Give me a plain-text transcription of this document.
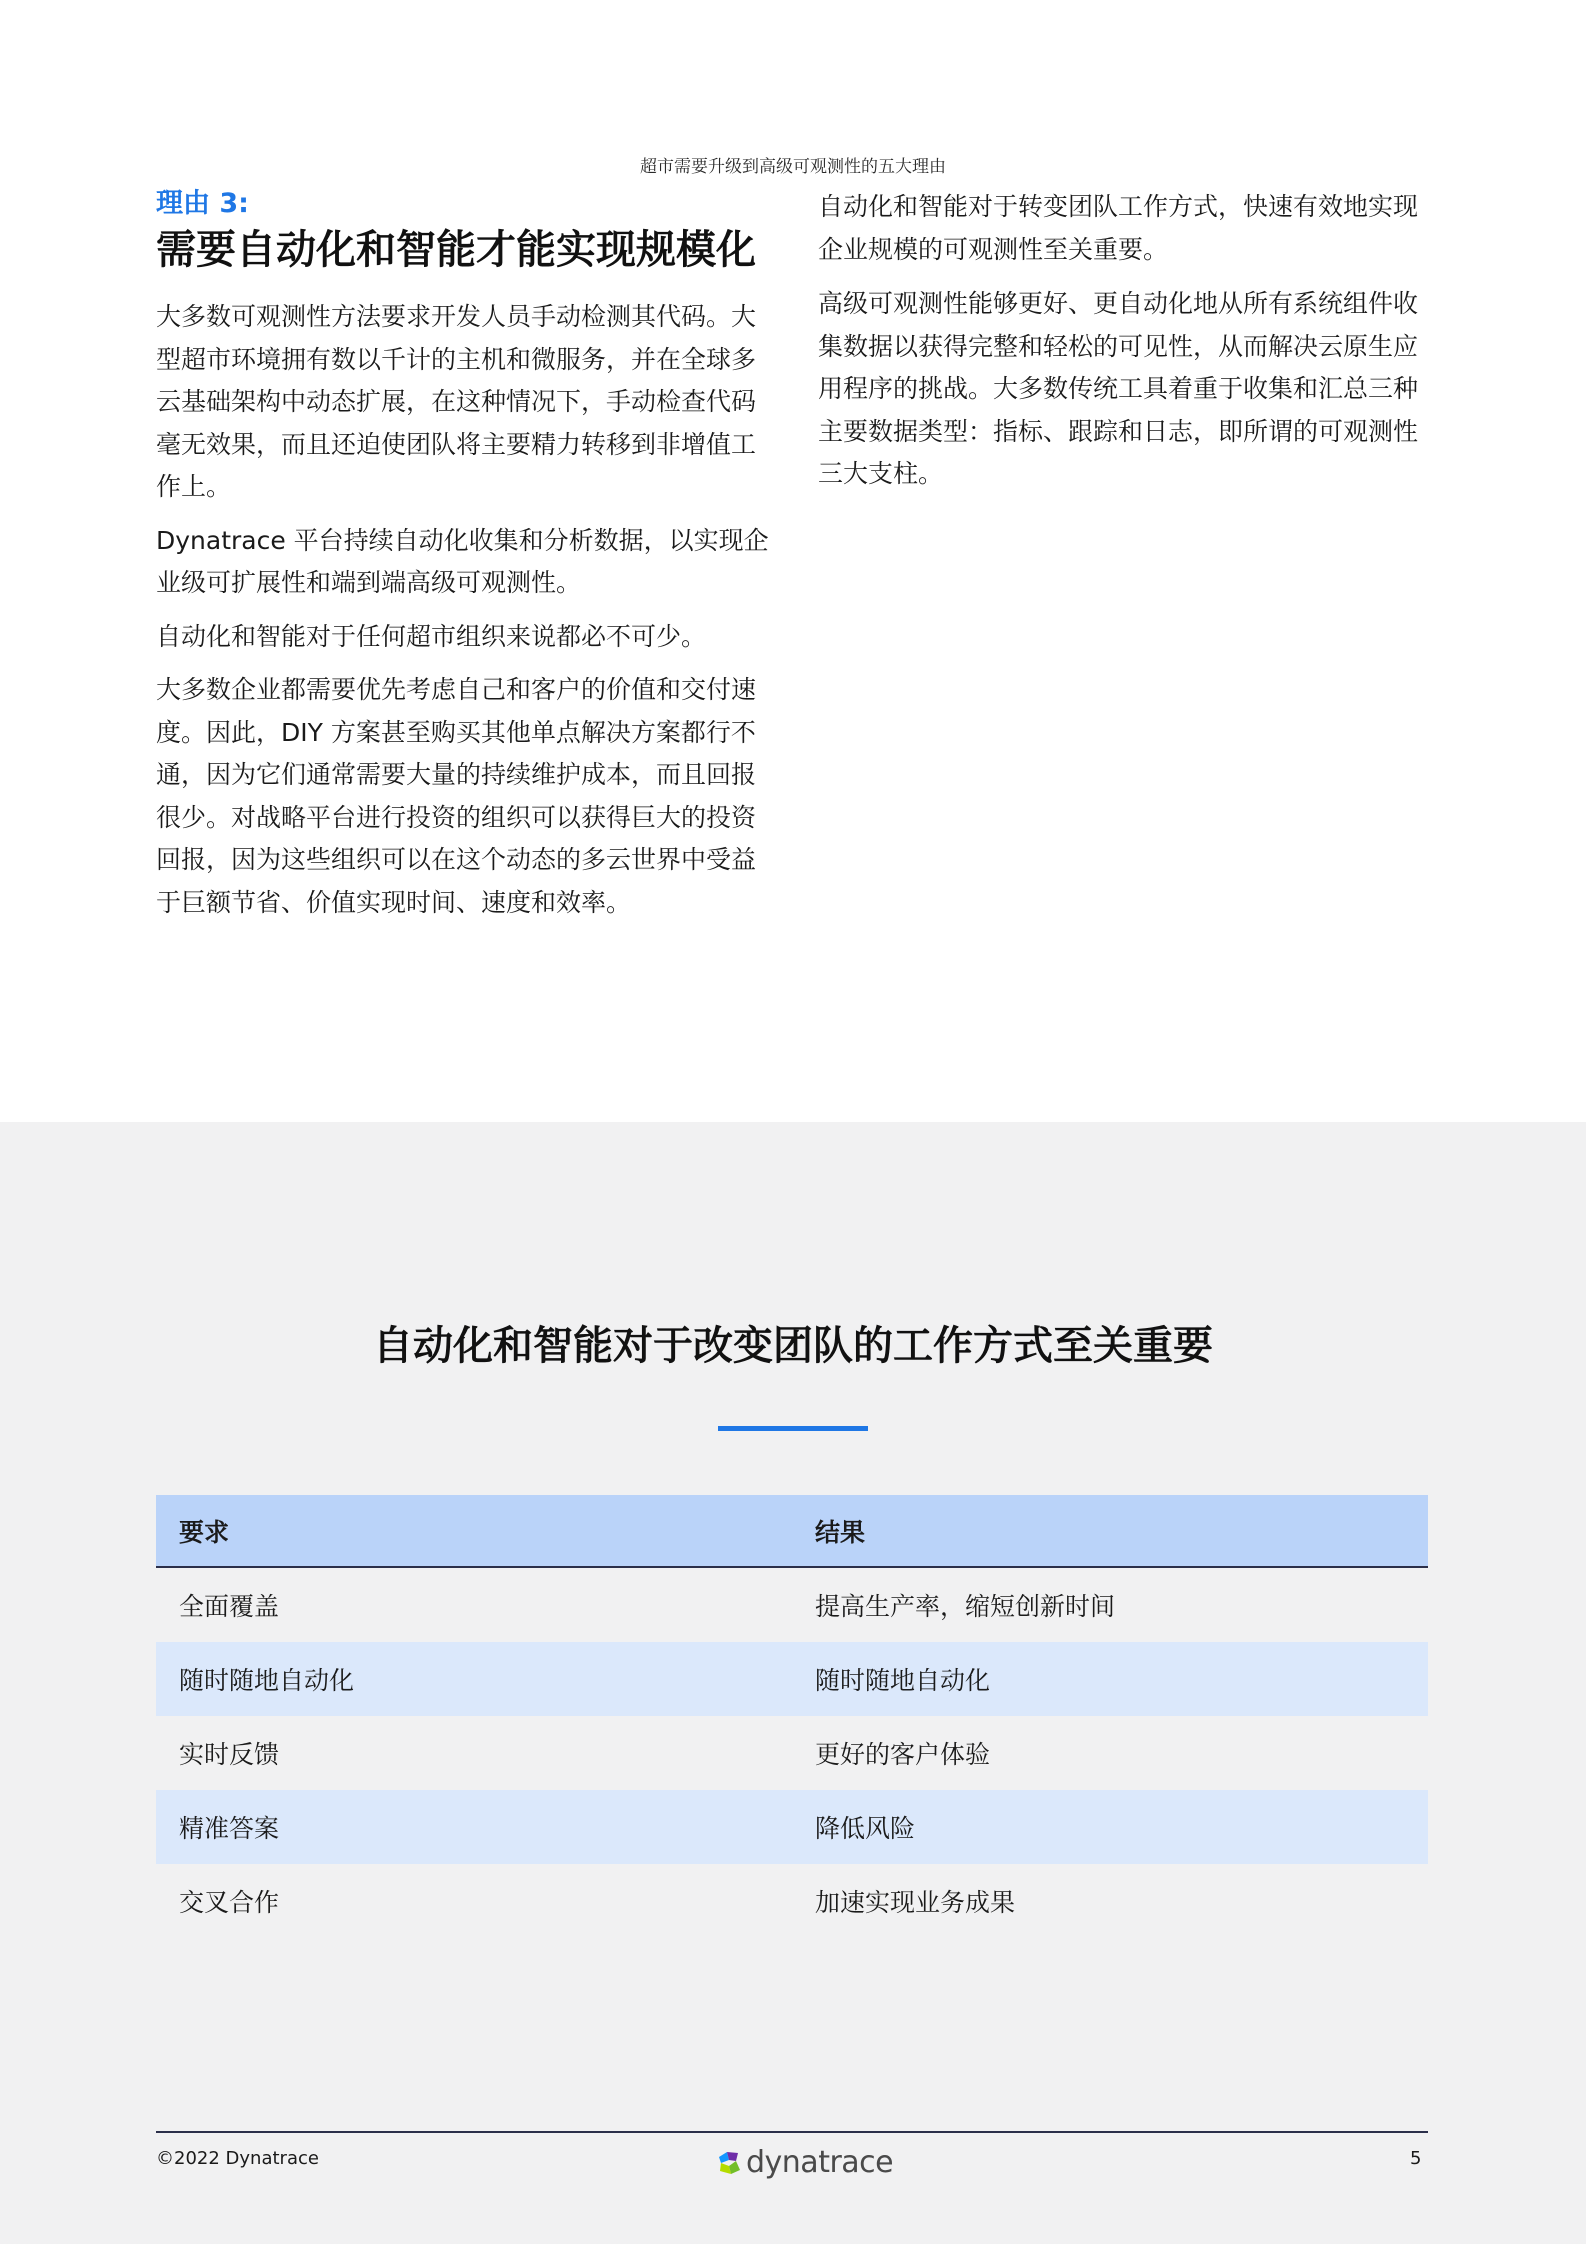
超市需要升级到高级可观测性的五大理由
理由 3:
需要自动化和智能才能实现规模化

大多数可观测性方法要求开发人员手动检测其代码。大型超市环境拥有数以千计的主机和微服务，并在全球多云基础架构中动态扩展，在这种情况下，手动检查代码毫无效果，而且还迫使团队将主要精力转移到非增值工作上。

Dynatrace 平台持续自动化收集和分析数据，以实现企业级可扩展性和端到端高级可观测性。

自动化和智能对于任何超市组织来说都必不可少。

大多数企业都需要优先考虑自己和客户的价值和交付速度。因此，DIY 方案甚至购买其他单点解决方案都行不通，因为它们通常需要大量的持续维护成本，而且回报很少。对战略平台进行投资的组织可以获得巨大的投资回报，因为这些组织可以在这个动态的多云世界中受益于巨额节省、价值实现时间、速度和效率。

自动化和智能对于转变团队工作方式，快速有效地实现企业规模的可观测性至关重要。

高级可观测性能够更好、更自动化地从所有系统组件收集数据以获得完整和轻松的可见性，从而解决云原生应用程序的挑战。大多数传统工具着重于收集和汇总三种主要数据类型：指标、跟踪和日志，即所谓的可观测性三大支柱。

自动化和智能对于改变团队的工作方式至关重要
要求	结果
全面覆盖	提高生产率，缩短创新时间
随时随地自动化	随时随地自动化
实时反馈	更好的客户体验
精准答案	降低风险
交叉合作	加速实现业务成果
©2022 Dynatrace	dynatrace	5
